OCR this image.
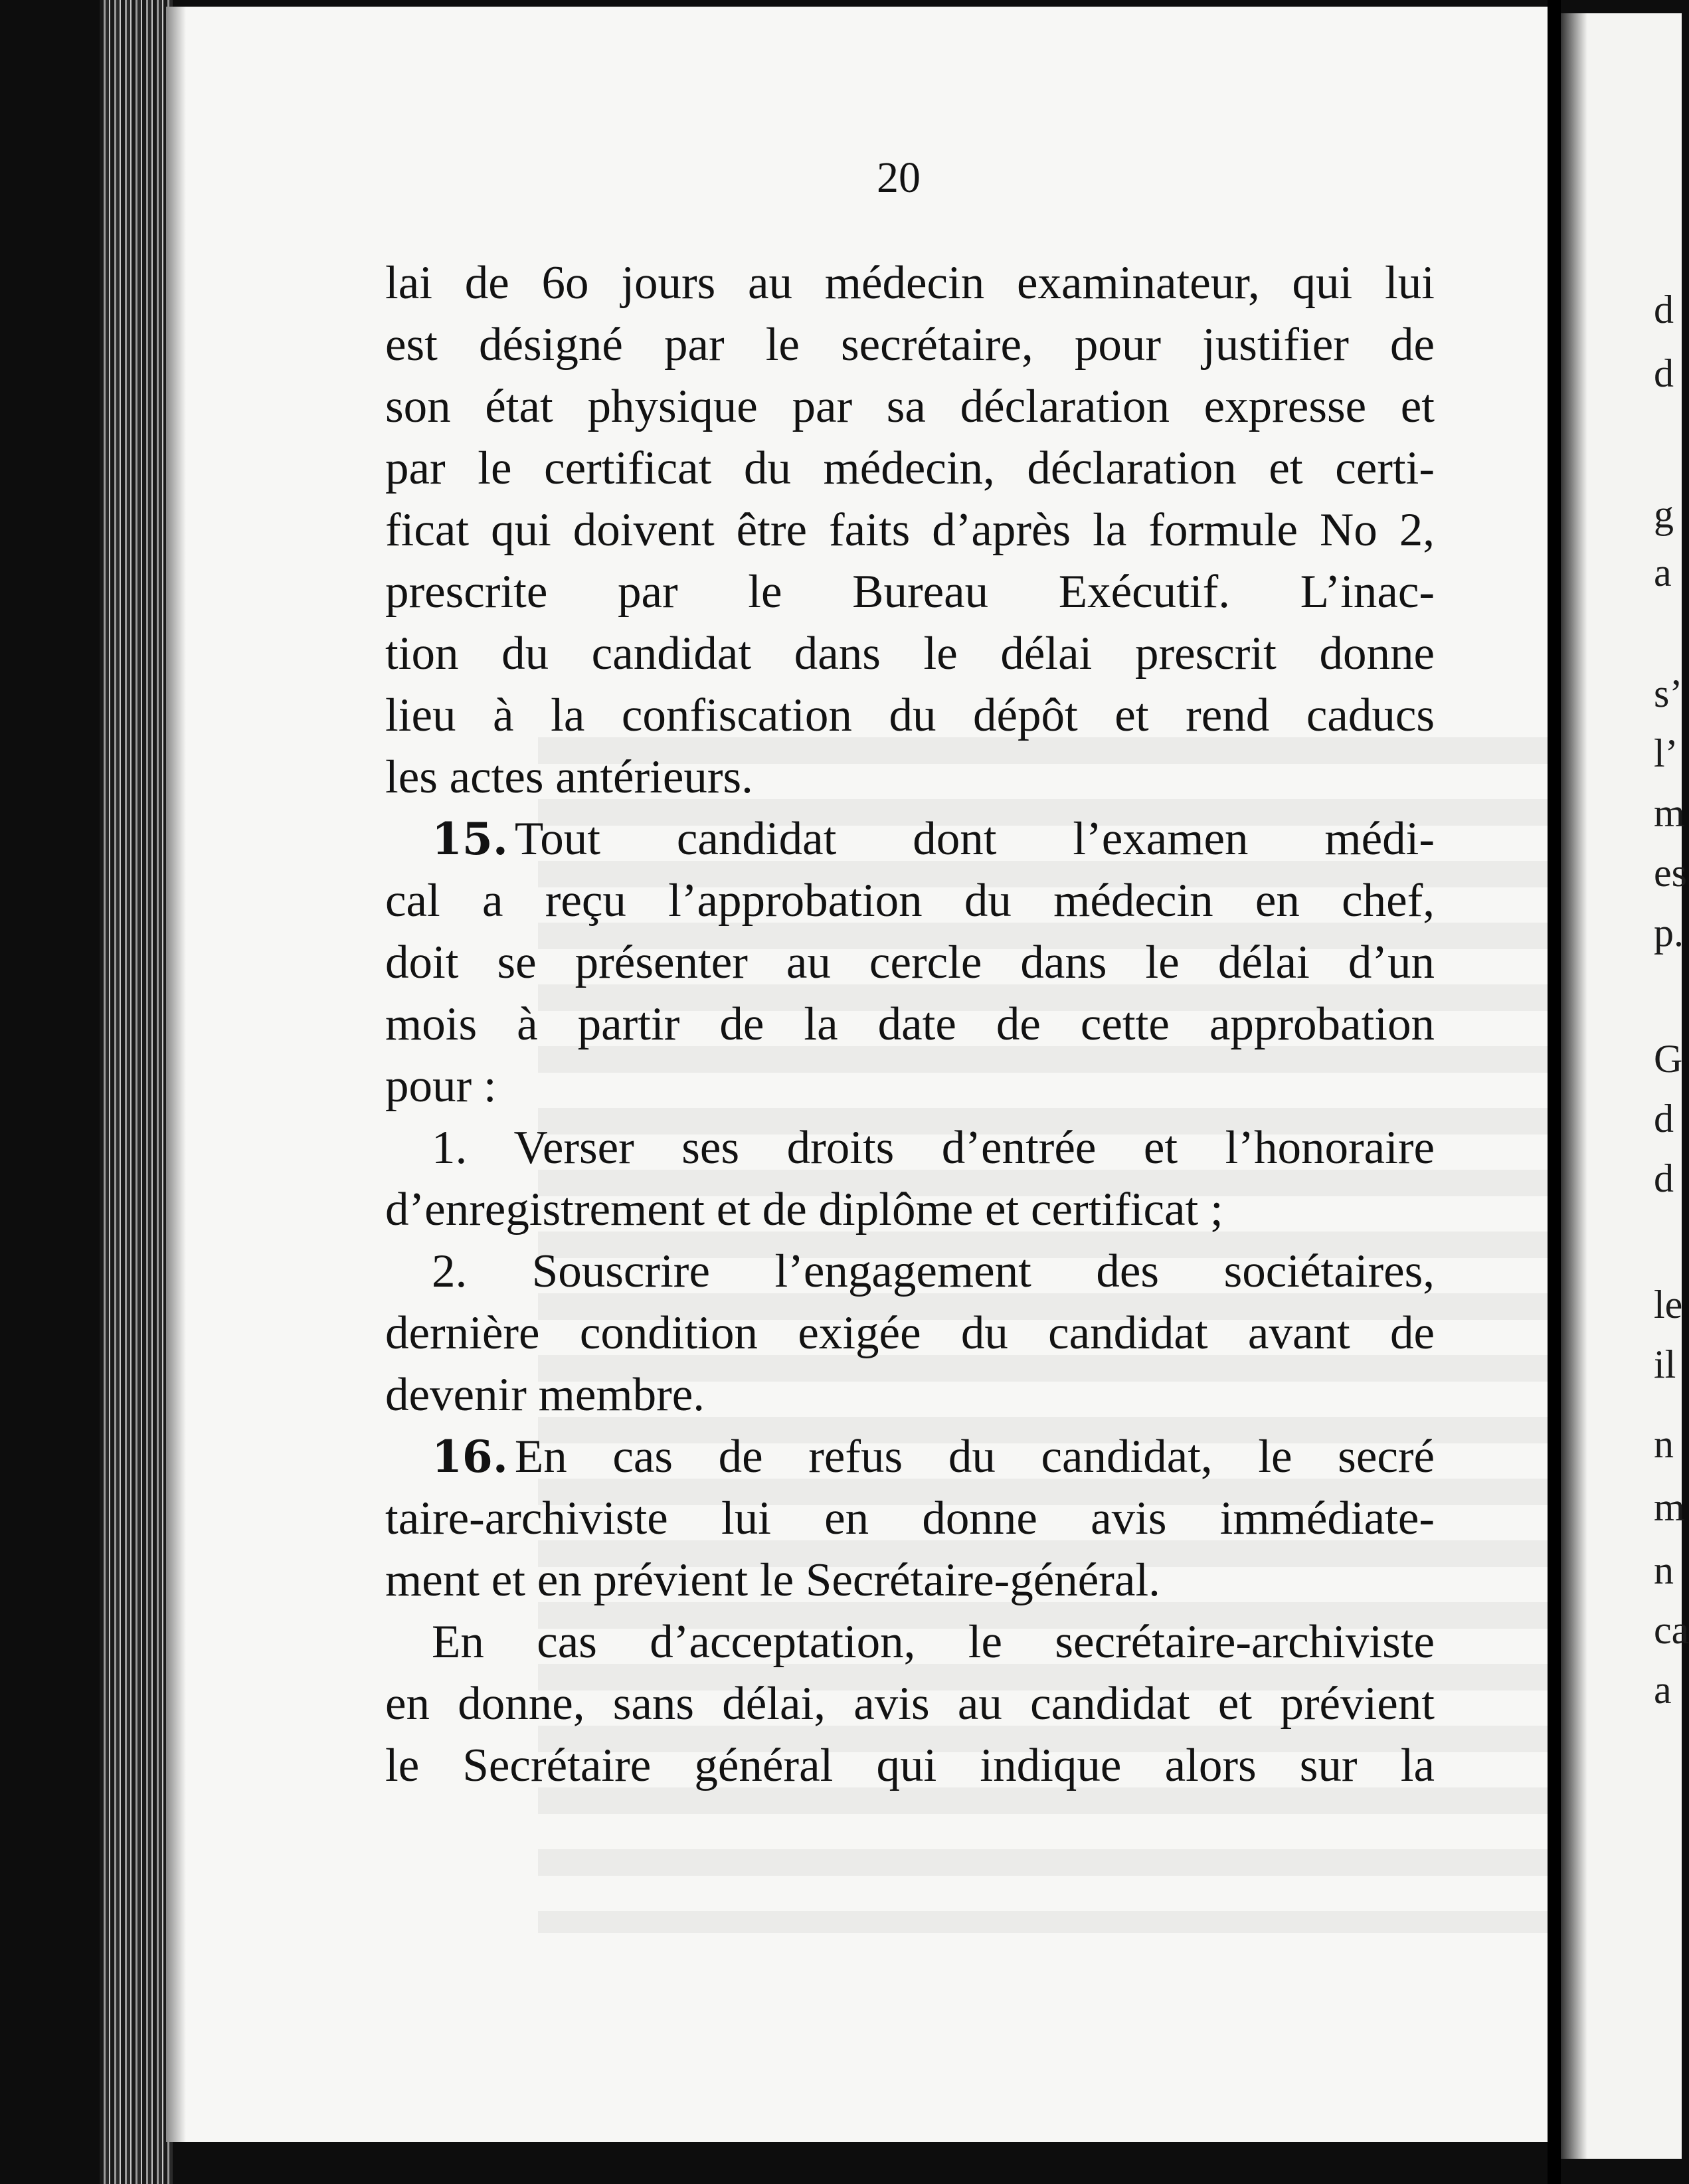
20
lai de 6o jours au médecin examinateur, qui lui
est désigné par le secrétaire, pour justifier de
son état physique par sa déclaration expresse et
par le certificat du médecin, déclaration et certi-
ficat qui doivent être faits d’après la formule No 2,
prescrite par le Bureau Exécutif. L’inac-
tion du candidat dans le délai prescrit donne
lieu à la confiscation du dépôt et rend caducs
les actes antérieurs.
15. Tout candidat dont l’examen médi-
cal a reçu l’approbation du médecin en chef,
doit se présenter au cercle dans le délai d’un
mois à partir de la date de cette approbation
pour :
1. Verser ses droits d’entrée et l’honoraire
d’enregistrement et de diplôme et certificat ;
2. Souscrire l’engagement des sociétaires,
dernière condition exigée du candidat avant de
devenir membre.
16. En cas de refus du candidat, le secré
taire-archiviste lui en donne avis immédiate-
ment et en prévient le Secrétaire-général.
En cas d’acceptation, le secrétaire-archiviste
en donne, sans délai, avis au candidat et prévient
le Secrétaire général qui indique alors sur la
d
d
g
a
s’
l’
m
es
p.
G
d
d
le
il
n
m
n
ca
a
